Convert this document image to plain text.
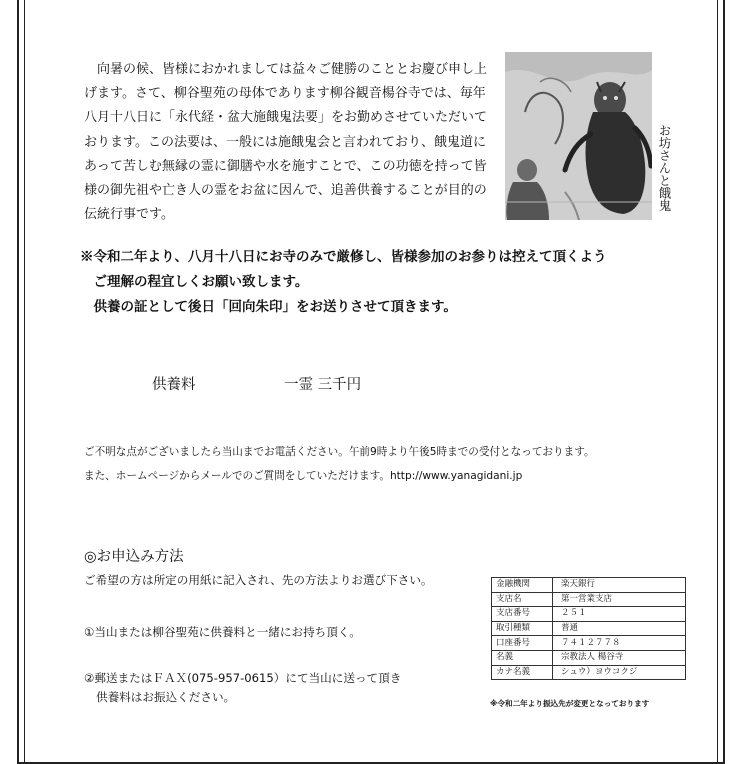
　向暑の候、皆様におかれましては益々ご健勝のこととお慶び申し上
げます。さて、柳谷聖苑の母体であります柳谷観音楊谷寺では、毎年
八月十八日に「永代経・盆大施餓鬼法要」をお勤めさせていただいて
おります。この法要は、一般には施餓鬼会と言われており、餓鬼道に
あって苦しむ無縁の霊に御膳や水を施すことで、この功徳を持って皆
様の御先祖や亡き人の霊をお盆に因んで、追善供養することが目的の
伝統行事です。
お坊さんと餓鬼
※令和二年より、八月十八日にお寺のみで厳修し、皆様参加のお参りは控えて頂くよう
　ご理解の程宜しくお願い致します。
　供養の証として後日「回向朱印」をお送りさせて頂きます。
供養料	一霊 三千円
ご不明な点がございましたら当山までお電話ください。午前9時より午後5時までの受付となっております。
また、ホームページからメールでのご質問をしていただけます。http://www.yanagidani.jp
◎お申込み方法
ご希望の方は所定の用紙に記入され、先の方法よりお選び下さい。
①当山または柳谷聖苑に供養料と一緒にお持ち頂く。
②郵送またはＦＡＸ(075-957-0615）にて当山に送って頂き
供養料はお振込ください。
金融機関	楽天銀行
支店名	第一営業支店
支店番号	２５１
取引種類	普通
口座番号	７４１２７７８
名義	宗教法人 楊谷寺
カナ名義	シュウ）ヨウコクジ
※令和二年より振込先が変更となっております
